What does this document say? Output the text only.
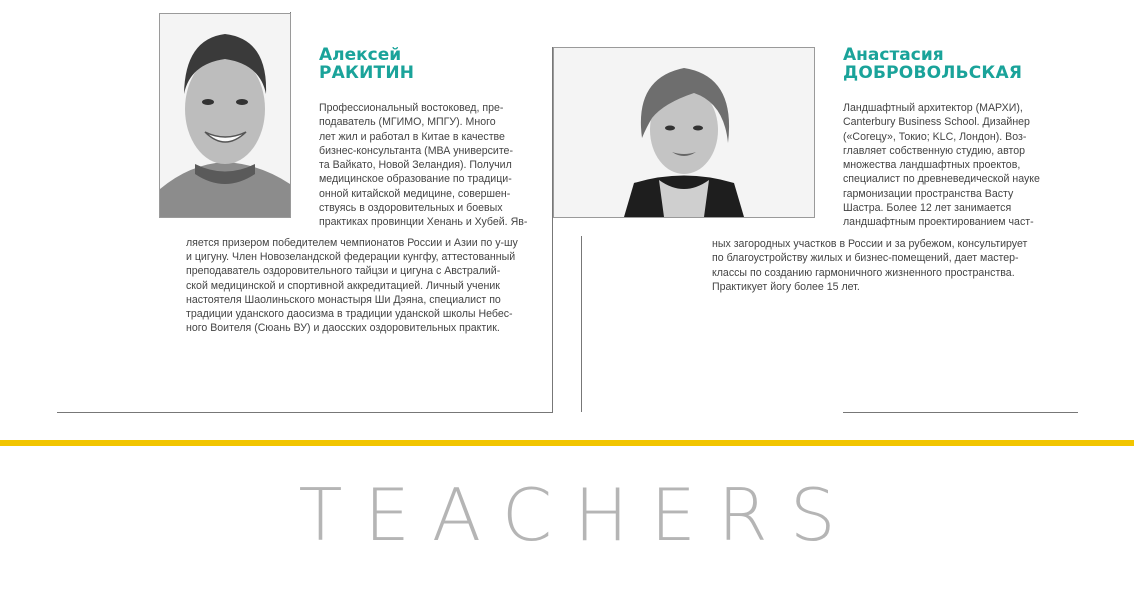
Алексей

РАКИТИН

Профессиональный востоковед, пре-
подаватель (МГИМО, МПГУ). Много
лет жил и работал в Китае в качестве
бизнес-консультанта (МВА университе-
та Вайкато, Новой Зеландия). Получил
медицинское образование по традици-
онной китайской медицине, совершен-
ствуясь в оздоровительных и боевых
практиках провинции Хенань и Хубей. Яв-
ляется призером победителем чемпионатов России и Азии по у-шу
и цигуну. Член Новозеландской федерации кунгфу, аттестованный
преподаватель оздоровительного тайцзи и цигуна с Австралий-
ской медицинской и спортивной аккредитацией. Личный ученик
настоятеля Шаолиньского монастыря Ши Дэяна, специалист по
традиции уданского даосизма в традиции уданской школы Небес-
ного Воителя (Сюань ВУ) и даосских оздоровительных практик.

Анастасия

ДОБРОВОЛЬСКАЯ

Ландшафтный архитектор (МАРХИ),
Canterbury Business School. Дизайнер
(«Согецу», Токио; KLC, Лондон). Воз-
главляет собственную студию, автор
множества ландшафтных проектов,
специалист по древневедической науке
гармонизации пространства Васту
Шастра. Более 12 лет занимается
ландшафтным проектированием част-
ных загородных участков в России и за рубежом, консультирует
по благоустройству жилых и бизнес-помещений, дает мастер-
классы по созданию гармоничного жизненного пространства.
Практикует йогу более 15 лет.
TEACHERS
